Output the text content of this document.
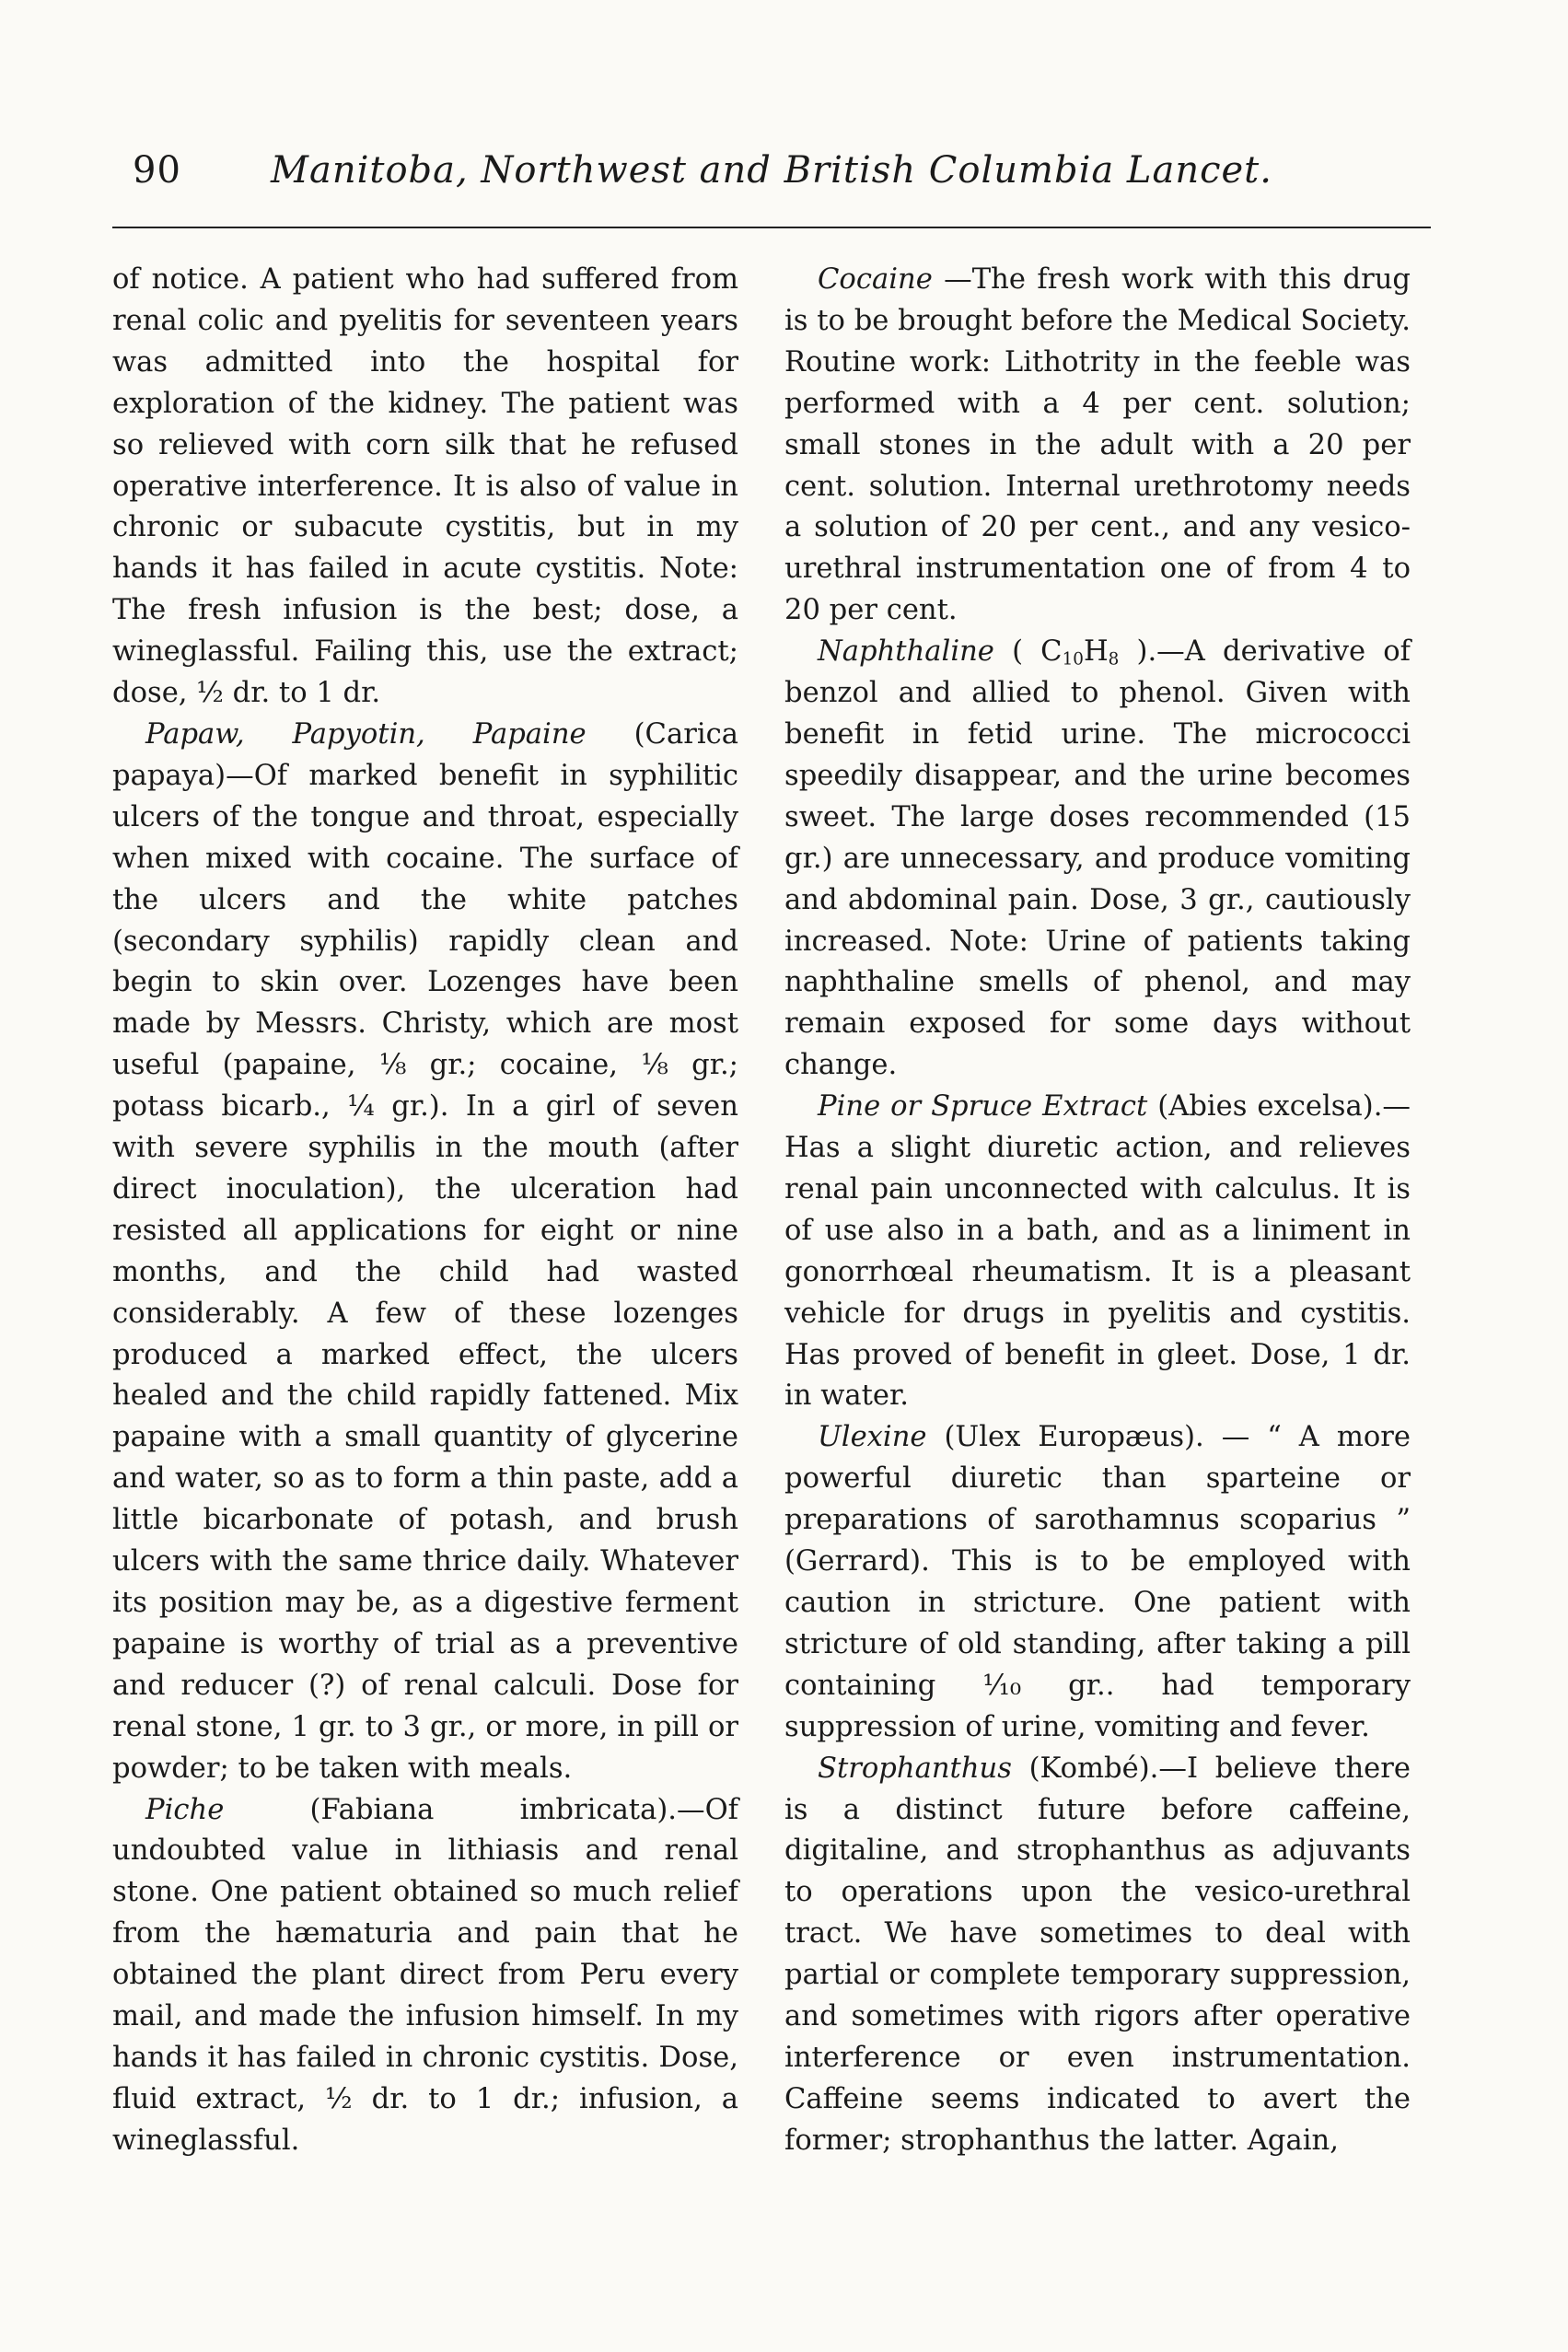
90	Manitoba, Northwest and British Columbia Lancet.

of notice. A patient who had suffered from renal colic and pyelitis for seventeen years was admitted into the hospital for exploration of the kidney. The patient was so relieved with corn silk that he refused operative interference. It is also of value in chronic or subacute cystitis, but in my hands it has failed in acute cystitis. Note: The fresh infusion is the best; dose, a wineglassful. Failing this, use the extract; dose, ½ dr. to 1 dr.

Papaw, Papyotin, Papaine (Carica papaya)—Of marked benefit in syphilitic ulcers of the tongue and throat, especially when mixed with cocaine. The surface of the ulcers and the white patches (secondary syphilis) rapidly clean and begin to skin over. Lozenges have been made by Messrs. Christy, which are most useful (papaine, ⅛ gr.; cocaine, ⅛ gr.; potass bicarb., ¼ gr.). In a girl of seven with severe syphilis in the mouth (after direct inoculation), the ulceration had resisted all applications for eight or nine months, and the child had wasted considerably. A few of these lozenges produced a marked effect, the ulcers healed and the child rapidly fattened. Mix papaine with a small quantity of glycerine and water, so as to form a thin paste, add a little bicarbonate of potash, and brush ulcers with the same thrice daily. Whatever its position may be, as a digestive ferment papaine is worthy of trial as a preventive and reducer (?) of renal calculi. Dose for renal stone, 1 gr. to 3 gr., or more, in pill or powder; to be taken with meals.

Piche (Fabiana imbricata).—Of undoubted value in lithiasis and renal stone. One patient obtained so much relief from the hæmaturia and pain that he obtained the plant direct from Peru every mail, and made the infusion himself. In my hands it has failed in chronic cystitis. Dose, fluid extract, ½ dr. to 1 dr.; infusion, a wineglassful.

Cocaine —The fresh work with this drug is to be brought before the Medical Society. Routine work: Lithotrity in the feeble was performed with a 4 per cent. solution; small stones in the adult with a 20 per cent. solution. Internal urethrotomy needs a solution of 20 per cent., and any vesico-urethral instrumentation one of from 4 to 20 per cent.

Naphthaline ( $C_{10}H_8$ ).—A derivative of benzol and allied to phenol. Given with benefit in fetid urine. The micrococci speedily disappear, and the urine becomes sweet. The large doses recommended (15 gr.) are unnecessary, and produce vomiting and abdominal pain. Dose, 3 gr., cautiously increased. Note: Urine of patients taking naphthaline smells of phenol, and may remain exposed for some days without change.

Pine or Spruce Extract (Abies excelsa).—Has a slight diuretic action, and relieves renal pain unconnected with calculus. It is of use also in a bath, and as a liniment in gonorrhœal rheumatism. It is a pleasant vehicle for drugs in pyelitis and cystitis. Has proved of benefit in gleet. Dose, 1 dr. in water.

Ulexine (Ulex Europæus). — “ A more powerful diuretic than sparteine or preparations of sarothamnus scoparius ” (Gerrard). This is to be employed with caution in stricture. One patient with stricture of old standing, after taking a pill containing ¹⁄₁₀ gr.. had temporary suppression of urine, vomiting and fever.

Strophanthus (Kombé).—I believe there is a distinct future before caffeine, digitaline, and strophanthus as adjuvants to operations upon the vesico-urethral tract. We have sometimes to deal with partial or complete temporary suppression, and sometimes with rigors after operative interference or even instrumentation. Caffeine seems indicated to avert the former; strophanthus the latter. Again,
